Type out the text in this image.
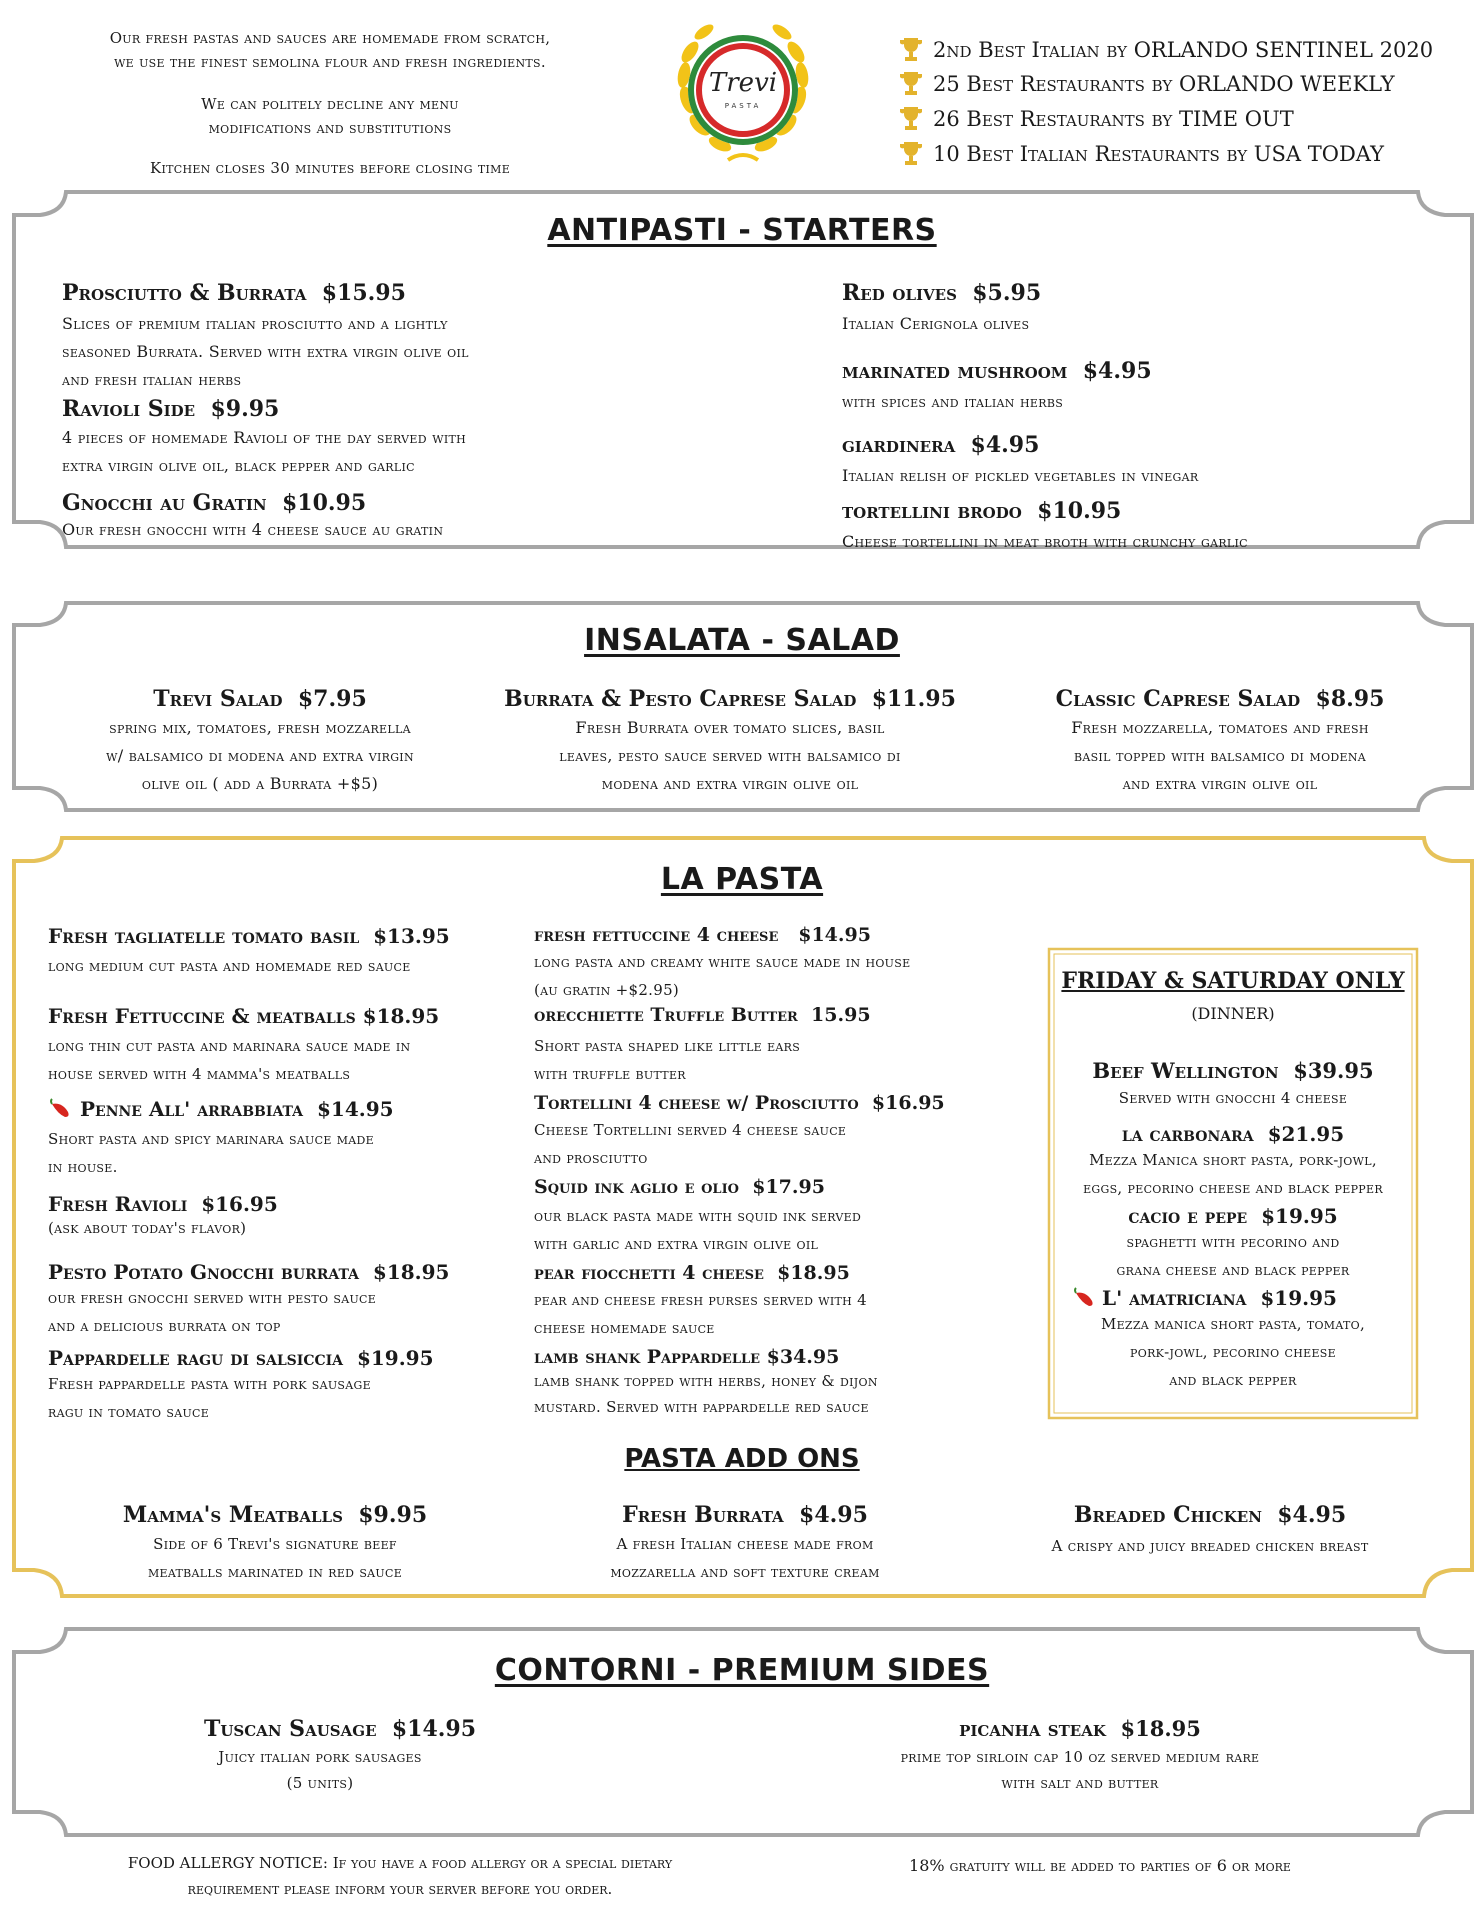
Our fresh pastas and sauces are homemade from scratch,
we use the finest semolina flour and fresh ingredients.
We can politely decline any menu
modifications and substitutions
Kitchen closes 30 minutes before closing time
Trevi
PASTA
2nd Best Italian by ORLANDO SENTINEL 2020
25 Best Restaurants by ORLANDO WEEKLY
26 Best Restaurants by TIME OUT
10 Best Italian Restaurants by USA TODAY
ANTIPASTI - STARTERS
Prosciutto & Burrata $15.95
Slices of premium italian prosciutto and a lightly
seasoned Burrata. Served with extra virgin olive oil
and fresh italian herbs
Ravioli Side $9.95
4 pieces of homemade Ravioli of the day served with
extra virgin olive oil, black pepper and garlic
Gnocchi au Gratin $10.95
Our fresh gnocchi with 4 cheese sauce au gratin
Red olives $5.95
Italian Cerignola olives
marinated mushroom $4.95
with spices and italian herbs
giardinera $4.95
Italian relish of pickled vegetables in vinegar
tortellini brodo $10.95
Cheese tortellini in meat broth with crunchy garlic
INSALATA - SALAD
Trevi Salad $7.95
spring mix, tomatoes, fresh mozzarella
w/ balsamico di modena and extra virgin
olive oil ( add a Burrata +$5)
Burrata & Pesto Caprese Salad $11.95
Fresh Burrata over tomato slices, basil
leaves, pesto sauce served with balsamico di
modena and extra virgin olive oil
Classic Caprese Salad $8.95
Fresh mozzarella, tomatoes and fresh
basil topped with balsamico di modena
and extra virgin olive oil
LA PASTA
Fresh tagliatelle tomato basil $13.95
long medium cut pasta and homemade red sauce
Fresh Fettuccine & meatballs $18.95
long thin cut pasta and marinara sauce made in
house served with 4 mamma's meatballs
Penne All' arrabbiata
$14.95
Short pasta and spicy marinara sauce made
in house.
Fresh Ravioli $16.95
(ask about today's flavor)
Pesto Potato Gnocchi burrata $18.95
our fresh gnocchi served with pesto sauce
and a delicious burrata on top
Pappardelle ragu di salsiccia $19.95
Fresh pappardelle pasta with pork sausage
ragu in tomato sauce
fresh fettuccine 4 cheese $14.95
long pasta and creamy white sauce made in house
(au gratin +$2.95)
orecchiette Truffle Butter 15.95
Short pasta shaped like little ears
with truffle butter
Tortellini 4 cheese w/ Prosciutto $16.95
Cheese Tortellini served 4 cheese sauce
and prosciutto
Squid ink aglio e olio $17.95
our black pasta made with squid ink served
with garlic and extra virgin olive oil
pear fiocchetti 4 cheese $18.95
pear and cheese fresh purses served with 4
cheese homemade sauce
lamb shank Pappardelle $34.95
lamb shank topped with herbs, honey & dijon
mustard. Served with pappardelle red sauce
FRIDAY & SATURDAY ONLY
(DINNER)
Beef Wellington $39.95
Served with gnocchi 4 cheese
la carbonara $21.95
Mezza Manica short pasta, pork-jowl,
eggs, pecorino cheese and black pepper
cacio e pepe $19.95
spaghetti with pecorino and
grana cheese and black pepper
L' amatriciana
$19.95
Mezza manica short pasta, tomato,
pork-jowl, pecorino cheese
and black pepper
PASTA ADD ONS
Mamma's Meatballs $9.95
Side of 6 Trevi's signature beef
meatballs marinated in red sauce
Fresh Burrata $4.95
A fresh Italian cheese made from
mozzarella and soft texture cream
Breaded Chicken $4.95
A crispy and juicy breaded chicken breast
CONTORNI - PREMIUM SIDES
Tuscan Sausage $14.95
Juicy italian pork sausages
(5 units)
picanha steak $18.95
prime top sirloin cap 10 oz served medium rare
with salt and butter
FOOD ALLERGY NOTICE: If you have a food allergy or a special dietary
requirement please inform your server before you order.
18% gratuity will be added to parties of 6 or more
